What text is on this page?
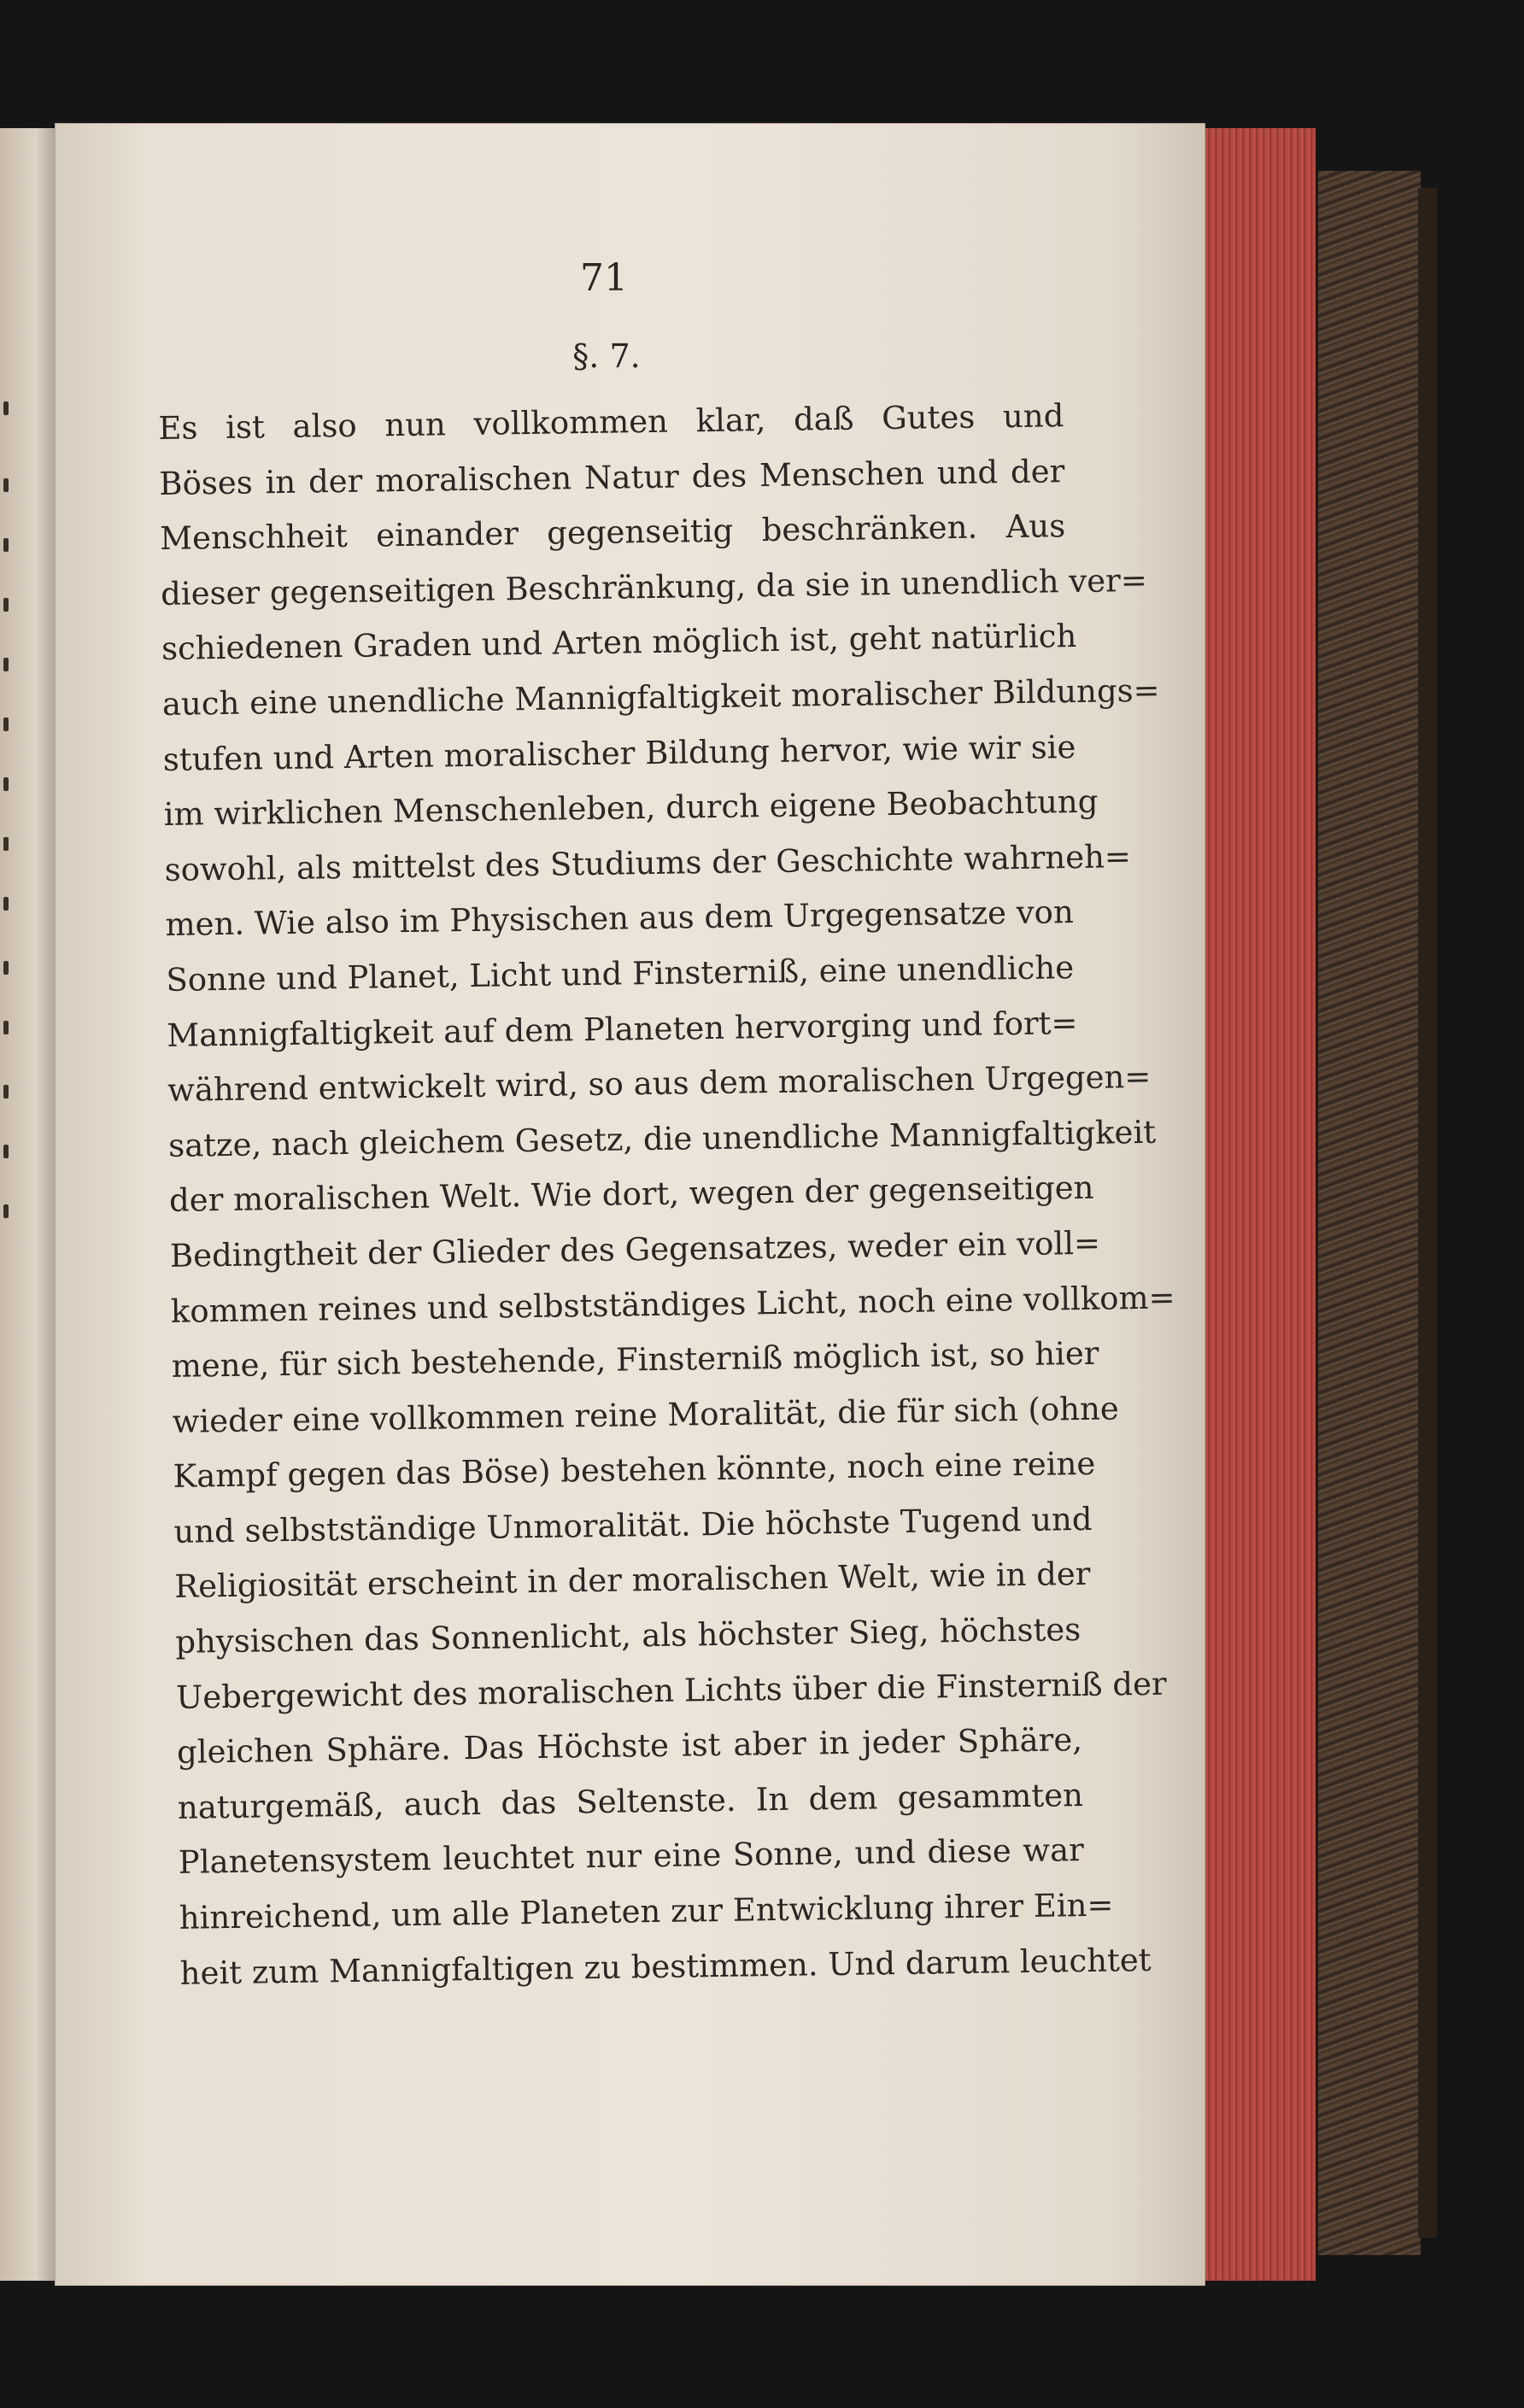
71
§. 7.
Es ist also nun vollkommen klar, daß Gutes und
Böses in der moralischen Natur des Menschen und der
Menschheit einander gegenseitig beschränken. Aus
dieser gegenseitigen Beschränkung, da sie in unendlich ver=
schiedenen Graden und Arten möglich ist, geht natürlich
auch eine unendliche Mannigfaltigkeit moralischer Bildungs=
stufen und Arten moralischer Bildung hervor, wie wir sie
im wirklichen Menschenleben, durch eigene Beobachtung
sowohl, als mittelst des Studiums der Geschichte wahrneh=
men. Wie also im Physischen aus dem Urgegensatze von
Sonne und Planet, Licht und Finsterniß, eine unendliche
Mannigfaltigkeit auf dem Planeten hervorging und fort=
während entwickelt wird, so aus dem moralischen Urgegen=
satze, nach gleichem Gesetz, die unendliche Mannigfaltigkeit
der moralischen Welt. Wie dort, wegen der gegenseitigen
Bedingtheit der Glieder des Gegensatzes, weder ein voll=
kommen reines und selbstständiges Licht, noch eine vollkom=
mene, für sich bestehende, Finsterniß möglich ist, so hier
wieder eine vollkommen reine Moralität, die für sich (ohne
Kampf gegen das Böse) bestehen könnte, noch eine reine
und selbstständige Unmoralität. Die höchste Tugend und
Religiosität erscheint in der moralischen Welt, wie in der
physischen das Sonnenlicht, als höchster Sieg, höchstes
Uebergewicht des moralischen Lichts über die Finsterniß der
gleichen Sphäre. Das Höchste ist aber in jeder Sphäre,
naturgemäß, auch das Seltenste. In dem gesammten
Planetensystem leuchtet nur eine Sonne, und diese war
hinreichend, um alle Planeten zur Entwicklung ihrer Ein=
heit zum Mannigfaltigen zu bestimmen. Und darum leuchtet
